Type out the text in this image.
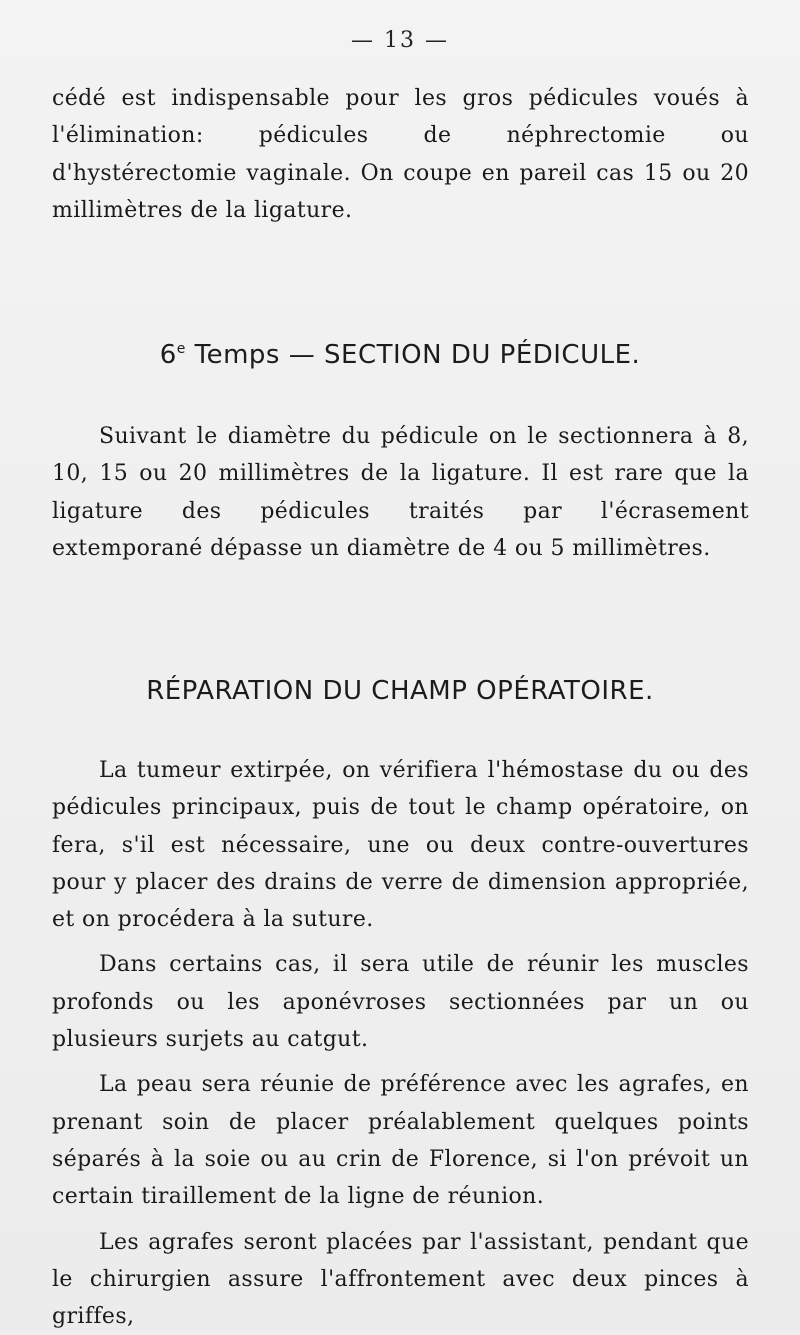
— 13 —

cédé est indispensable pour les gros pédicules voués à l'élimination: pédicules de néphrectomie ou d'hystérectomie vaginale. On coupe en pareil cas 15 ou 20 millimètres de la ligature.

6e Temps — SECTION DU PÉDICULE.

Suivant le diamètre du pédicule on le sectionnera à 8, 10, 15 ou 20 millimètres de la ligature. Il est rare que la ligature des pédicules traités par l'écrasement extemporané dépasse un diamètre de 4 ou 5 millimètres.

RÉPARATION DU CHAMP OPÉRATOIRE.

La tumeur extirpée, on vérifiera l'hémostase du ou des pédicules principaux, puis de tout le champ opératoire, on fera, s'il est nécessaire, une ou deux contre-ouvertures pour y placer des drains de verre de dimension appropriée, et on procédera à la suture.

Dans certains cas, il sera utile de réunir les muscles profonds ou les aponévroses sectionnées par un ou plusieurs surjets au catgut.

La peau sera réunie de préférence avec les agrafes, en prenant soin de placer préalablement quelques points séparés à la soie ou au crin de Florence, si l'on prévoit un certain tiraillement de la ligne de réunion.

Les agrafes seront placées par l'assistant, pendant que le chirurgien assure l'affrontement avec deux pinces à griffes,
